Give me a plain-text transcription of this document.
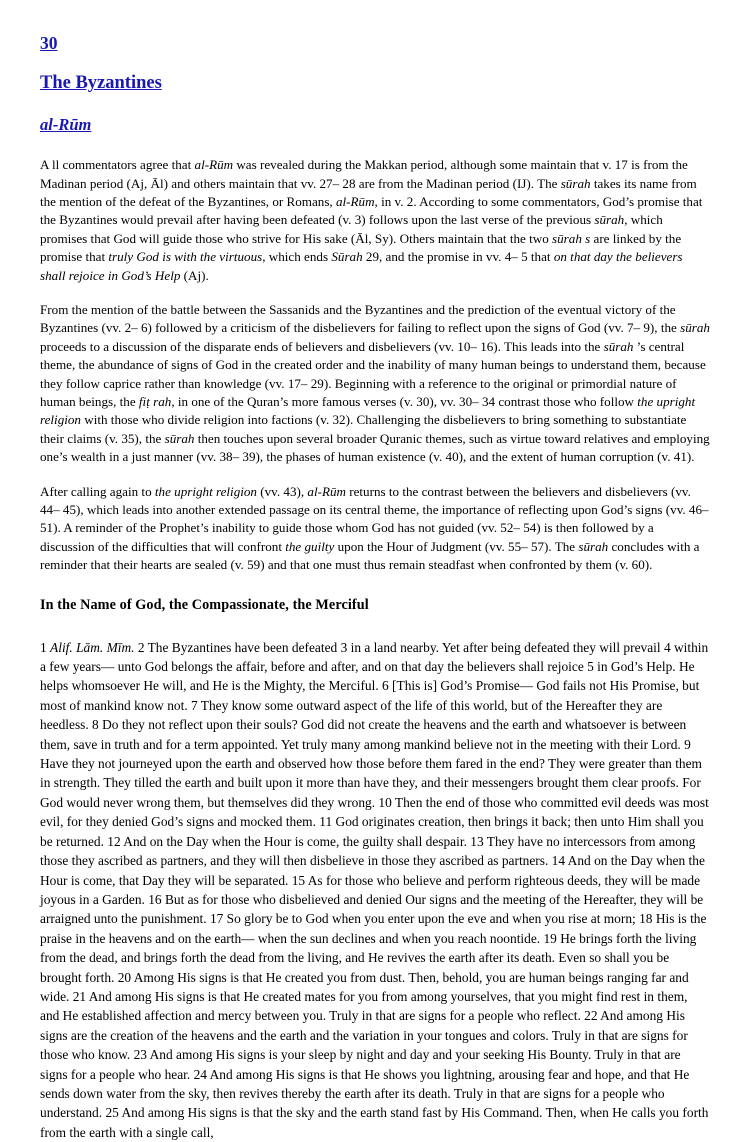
30
The Byzantines
al-Rūm

A ll commentators agree that al-Rūm was revealed during the Makkan period, although some maintain that v. 17 is from the Madinan period (Aj, Āl) and others maintain that vv. 27– 28 are from the Madinan period (IJ). The sūrah takes its name from the mention of the defeat of the Byzantines, or Romans, al-Rūm, in v. 2. According to some commentators, God’s promise that the Byzantines would prevail after having been defeated (v. 3) follows upon the last verse of the previous sūrah, which promises that God will guide those who strive for His sake (Āl, Sy). Others maintain that the two sūrah s are linked by the promise that truly God is with the virtuous, which ends Sūrah 29, and the promise in vv. 4– 5 that on that day the believers shall rejoice in God’s Help (Aj).

From the mention of the battle between the Sassanids and the Byzantines and the prediction of the eventual victory of the Byzantines (vv. 2– 6) followed by a criticism of the disbelievers for failing to reflect upon the signs of God (vv. 7– 9), the sūrah proceeds to a discussion of the disparate ends of believers and disbelievers (vv. 10– 16). This leads into the sūrah ’s central theme, the abundance of signs of God in the created order and the inability of many human beings to understand them, because they follow caprice rather than knowledge (vv. 17– 29). Beginning with a reference to the original or primordial nature of human beings, the fiṭ rah, in one of the Quran’s more famous verses (v. 30), vv. 30– 34 contrast those who follow the upright religion with those who divide religion into factions (v. 32). Challenging the disbelievers to bring something to substantiate their claims (v. 35), the sūrah then touches upon several broader Quranic themes, such as virtue toward relatives and employing one’s wealth in a just manner (vv. 38– 39), the phases of human existence (v. 40), and the extent of human corruption (v. 41).

After calling again to the upright religion (vv. 43), al-Rūm returns to the contrast between the believers and disbelievers (vv. 44– 45), which leads into another extended passage on its central theme, the importance of reflecting upon God’s signs (vv. 46– 51). A reminder of the Prophet’s inability to guide those whom God has not guided (vv. 52– 54) is then followed by a discussion of the difficulties that will confront the guilty upon the Hour of Judgment (vv. 55– 57). The sūrah concludes with a reminder that their hearts are sealed (v. 59) and that one must thus remain steadfast when confronted by them (v. 60).

In the Name of God, the Compassionate, the Merciful

1 Alif. Lām. Mīm. 2 The Byzantines have been defeated 3 in a land nearby. Yet after being defeated they will prevail 4 within a few years— unto God belongs the affair, before and after, and on that day the believers shall rejoice 5 in God’s Help. He helps whomsoever He will, and He is the Mighty, the Merciful. 6 [This is] God’s Promise— God fails not His Promise, but most of mankind know not. 7 They know some outward aspect of the life of this world, but of the Hereafter they are heedless. 8 Do they not reflect upon their souls? God did not create the heavens and the earth and whatsoever is between them, save in truth and for a term appointed. Yet truly many among mankind believe not in the meeting with their Lord. 9 Have they not journeyed upon the earth and observed how those before them fared in the end? They were greater than them in strength. They tilled the earth and built upon it more than have they, and their messengers brought them clear proofs. For God would never wrong them, but themselves did they wrong. 10 Then the end of those who committed evil deeds was most evil, for they denied God’s signs and mocked them. 11 God originates creation, then brings it back; then unto Him shall you be returned. 12 And on the Day when the Hour is come, the guilty shall despair. 13 They have no intercessors from among those they ascribed as partners, and they will then disbelieve in those they ascribed as partners. 14 And on the Day when the Hour is come, that Day they will be separated. 15 As for those who believe and perform righteous deeds, they will be made joyous in a Garden. 16 But as for those who disbelieved and denied Our signs and the meeting of the Hereafter, they will be arraigned unto the punishment. 17 So glory be to God when you enter upon the eve and when you rise at morn; 18 His is the praise in the heavens and on the earth— when the sun declines and when you reach noontide. 19 He brings forth the living from the dead, and brings forth the dead from the living, and He revives the earth after its death. Even so shall you be brought forth. 20 Among His signs is that He created you from dust. Then, behold, you are human beings ranging far and wide. 21 And among His signs is that He created mates for you from among yourselves, that you might find rest in them, and He established affection and mercy between you. Truly in that are signs for a people who reflect. 22 And among His signs are the creation of the heavens and the earth and the variation in your tongues and colors. Truly in that are signs for those who know. 23 And among His signs is your sleep by night and day and your seeking His Bounty. Truly in that are signs for a people who hear. 24 And among His signs is that He shows you lightning, arousing fear and hope, and that He sends down water from the sky, then revives thereby the earth after its death. Truly in that are signs for a people who understand. 25 And among His signs is that the sky and the earth stand fast by His Command. Then, when He calls you forth from the earth with a single call,
